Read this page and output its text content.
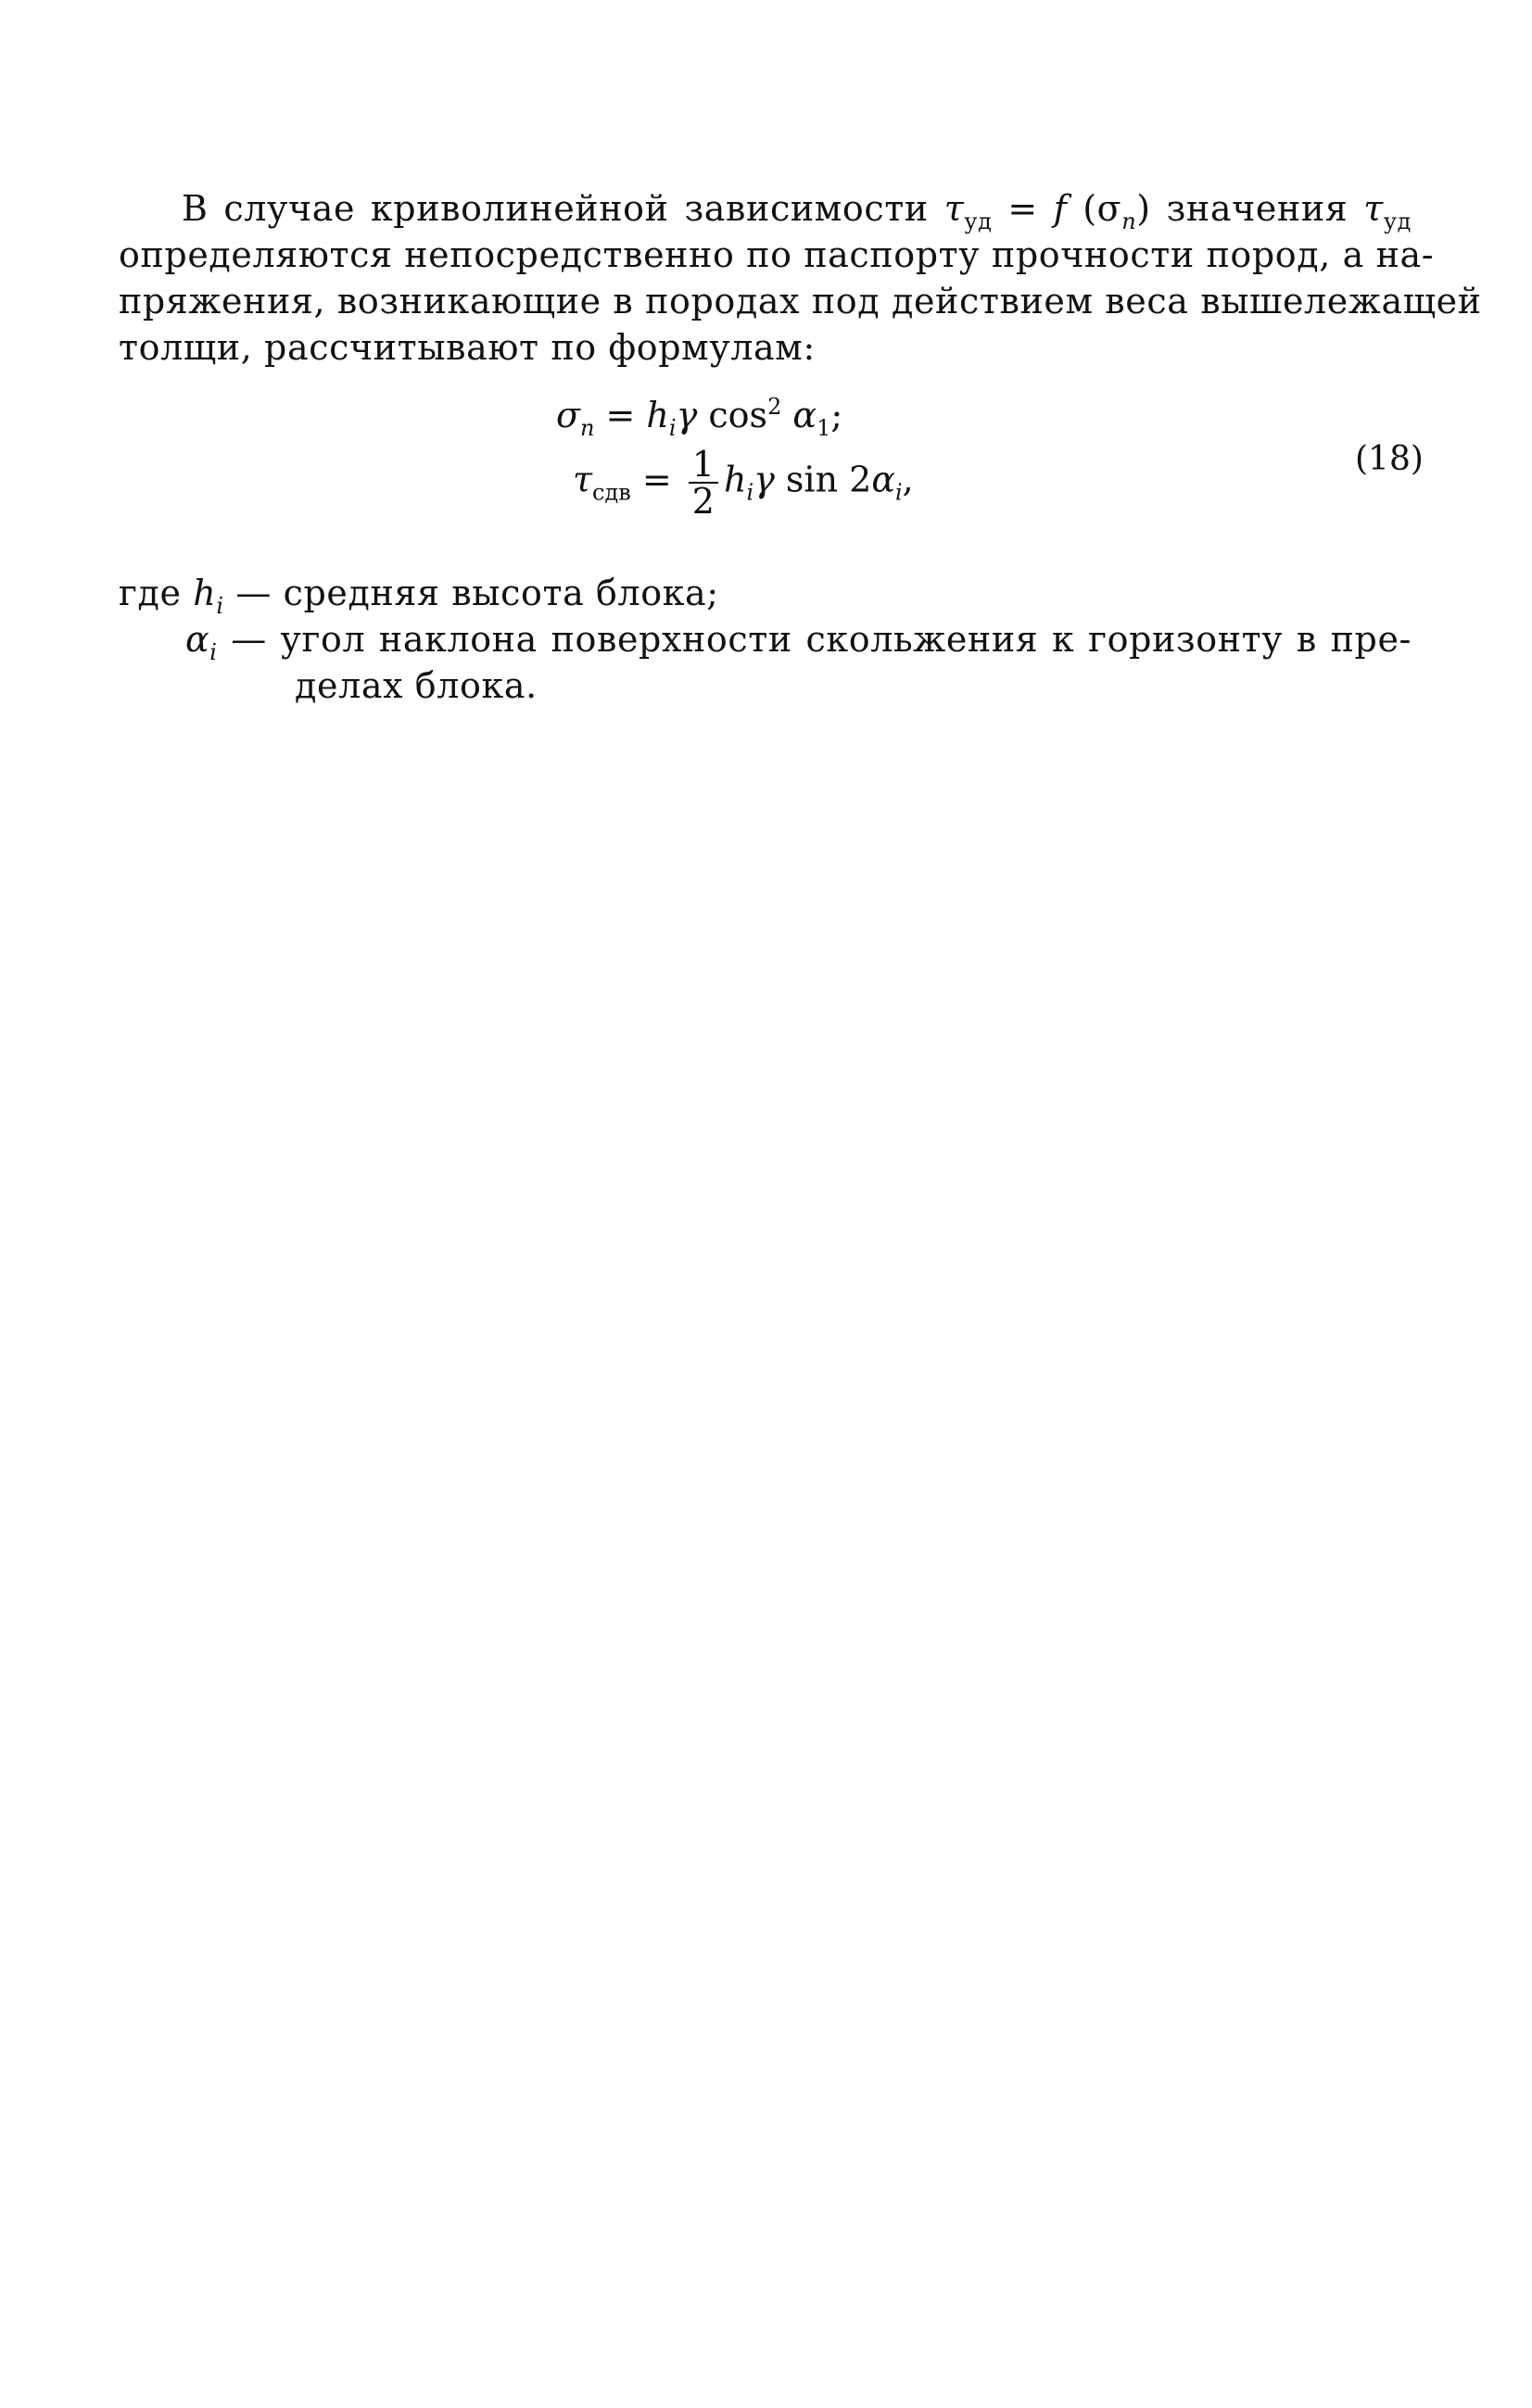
В случае криволинейной зависимости $\tau_{уд} = f$ $(\sigma_n)$ значения $\tau_{уд}$
определяются непосредственно по паспорту прочности пород, а на-
пряжения, возникающие в породах под действием веса вышележащей
толщи, рассчитывают по формулам:
$\sigma_n = h_i\gamma$ $\cos^2 \alpha_1$;
$\tau_{сдв} = \frac{1}{2} h_i\gamma$ $\sin 2\alpha_i$,	(18)
где $h_i$ — средняя высота блока;
$\alpha_i$ — угол наклона поверхности скольжения к горизонту в пре-
делах блока.
